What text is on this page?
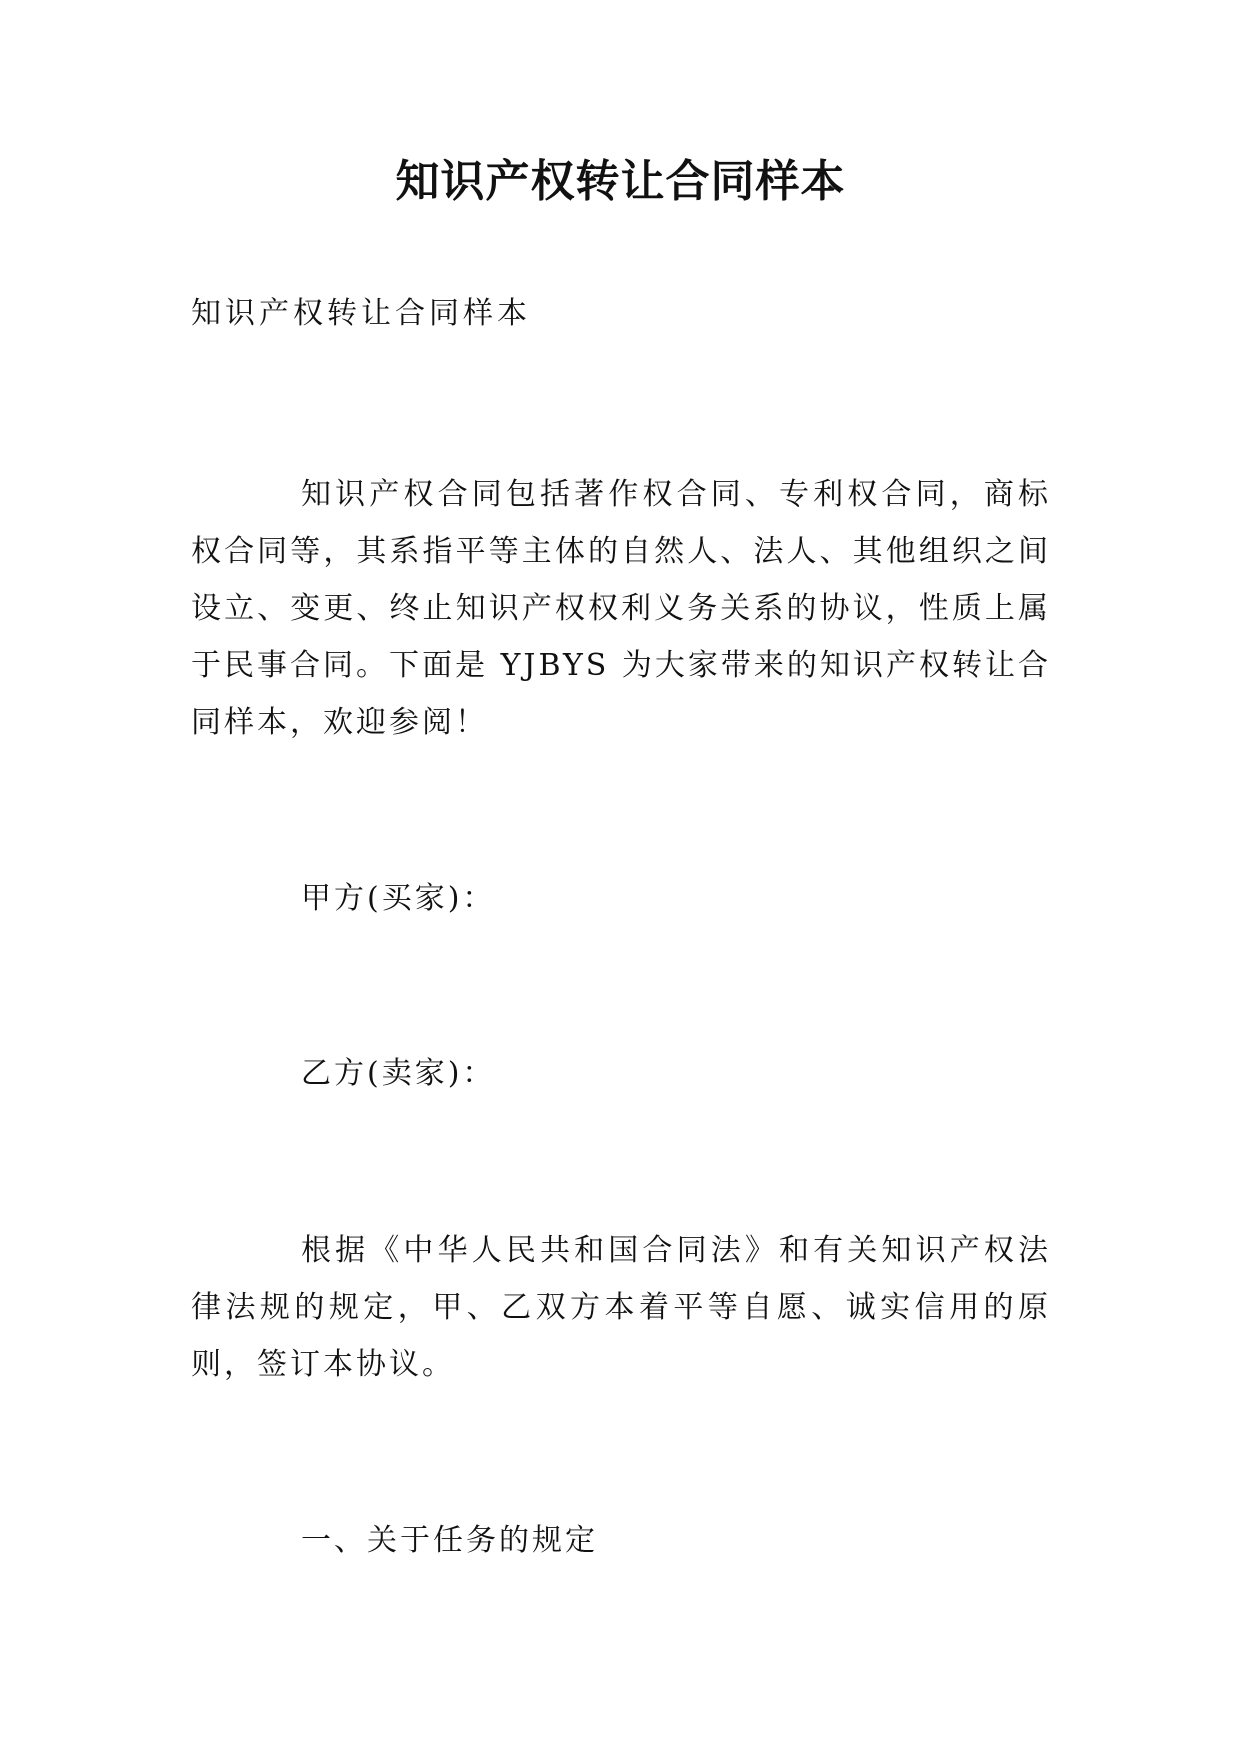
知识产权转让合同样本
知识产权转让合同样本
知识产权合同包括著作权合同、专利权合同，商标权合同等，其系指平等主体的自然人、法人、其他组织之间设立、变更、终止知识产权权利义务关系的协议，性质上属于民事合同。下面是 YJBYS 为大家带来的知识产权转让合同样本，欢迎参阅！
甲方(买家)：
乙方(卖家)：
根据《中华人民共和国合同法》和有关知识产权法律法规的规定，甲、乙双方本着平等自愿、诚实信用的原则，签订本协议。
一、关于任务的规定
